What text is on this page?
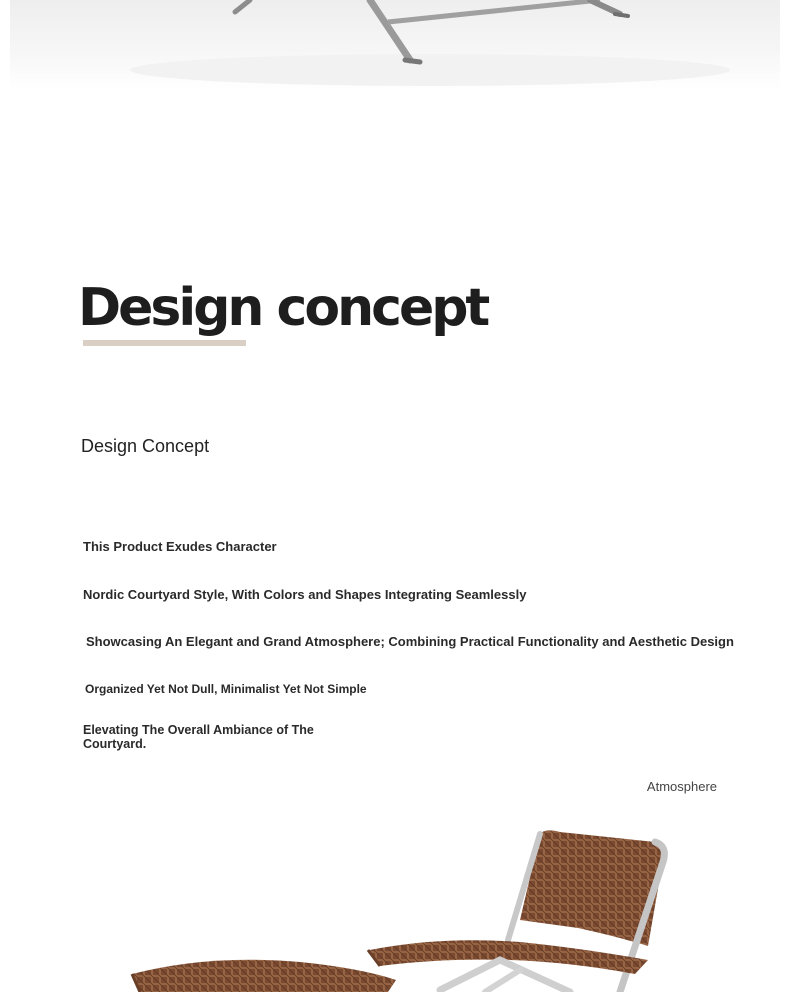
Design concept
Design Concept
This Product Exudes Character
Nordic Courtyard Style, With Colors and Shapes Integrating Seamlessly
Showcasing An Elegant and Grand Atmosphere; Combining Practical Functionality and Aesthetic Design
Organized Yet Not Dull, Minimalist Yet Not Simple
Elevating The Overall Ambiance of The Courtyard.
Atmosphere
